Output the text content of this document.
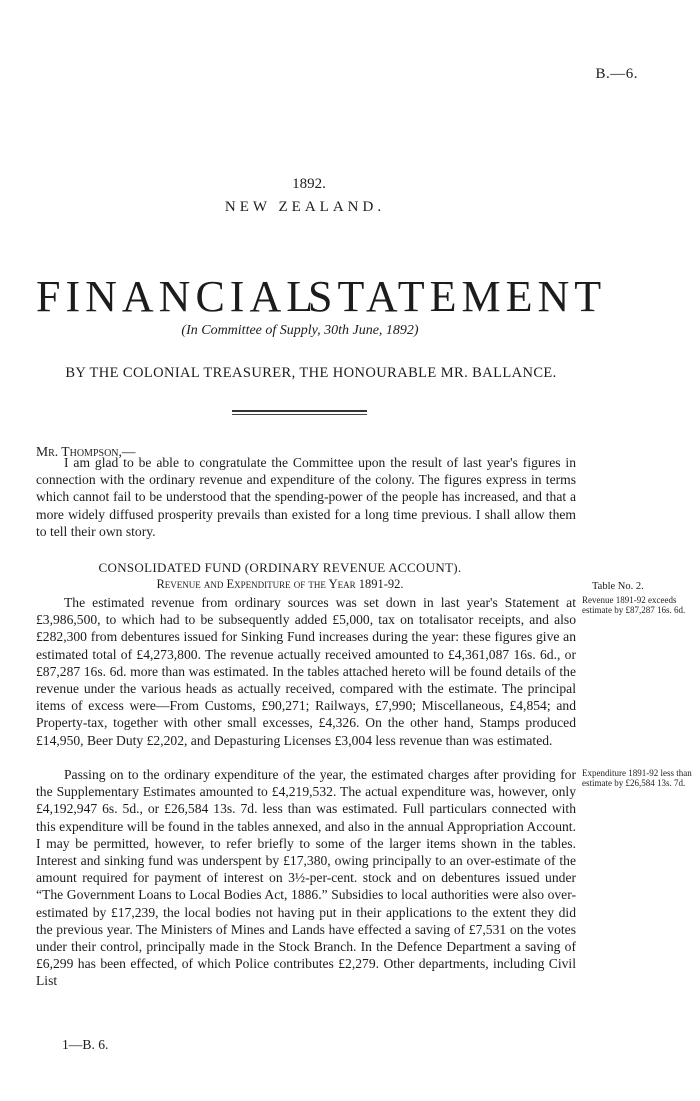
B.—6.
1892.
NEW ZEALAND.
FINANCIAL
STATEMENT
(In Committee of Supply, 30th June, 1892)
BY THE COLONIAL TREASURER, THE HONOURABLE MR. BALLANCE.
Mr. Thompson,—
I am glad to be able to congratulate the Committee upon the result of last year's figures in connection with the ordinary revenue and expenditure of the colony. The figures express in terms which cannot fail to be understood that the spending-power of the people has increased, and that a more widely diffused prosperity prevails than existed for a long time previous. I shall allow them to tell their own story.
CONSOLIDATED FUND (ORDINARY REVENUE ACCOUNT).
Revenue and Expenditure of the Year 1891-92.	Table No. 2.
The estimated revenue from ordinary sources was set down in last year's Statement at £3,986,500, to which had to be subsequently added £5,000, tax on totalisator receipts, and also £282,300 from debentures issued for Sinking Fund increases during the year: these figures give an estimated total of £4,273,800. The revenue actually received amounted to £4,361,087 16s. 6d., or £87,287 16s. 6d. more than was estimated. In the tables attached hereto will be found details of the revenue under the various heads as actually received, compared with the estimate. The principal items of excess were—From Customs, £90,271; Railways, £7,990; Miscellaneous, £4,854; and Property-tax, together with other small excesses, £4,326. On the other hand, Stamps produced £14,950, Beer Duty £2,202, and Depasturing Licenses £3,004 less revenue than was estimated.
Revenue 1891-92 exceeds estimate by £87,287 16s. 6d.
Passing on to the ordinary expenditure of the year, the estimated charges after providing for the Supplementary Estimates amounted to £4,219,532. The actual expenditure was, however, only £4,192,947 6s. 5d., or £26,584 13s. 7d. less than was estimated. Full particulars connected with this expenditure will be found in the tables annexed, and also in the annual Appropriation Account. I may be permitted, however, to refer briefly to some of the larger items shown in the tables. Interest and sinking fund was underspent by £17,380, owing principally to an over-estimate of the amount required for payment of interest on 3½-per-cent. stock and on debentures issued under “The Government Loans to Local Bodies Act, 1886.” Subsidies to local authorities were also over-estimated by £17,239, the local bodies not having put in their applications to the extent they did the previous year. The Ministers of Mines and Lands have effected a saving of £7,531 on the votes under their control, principally made in the Stock Branch. In the Defence Department a saving of £6,299 has been effected, of which Police contributes £2,279. Other departments, including Civil List
Expenditure 1891-92 less than estimate by £26,584 13s. 7d.
1—B. 6.
